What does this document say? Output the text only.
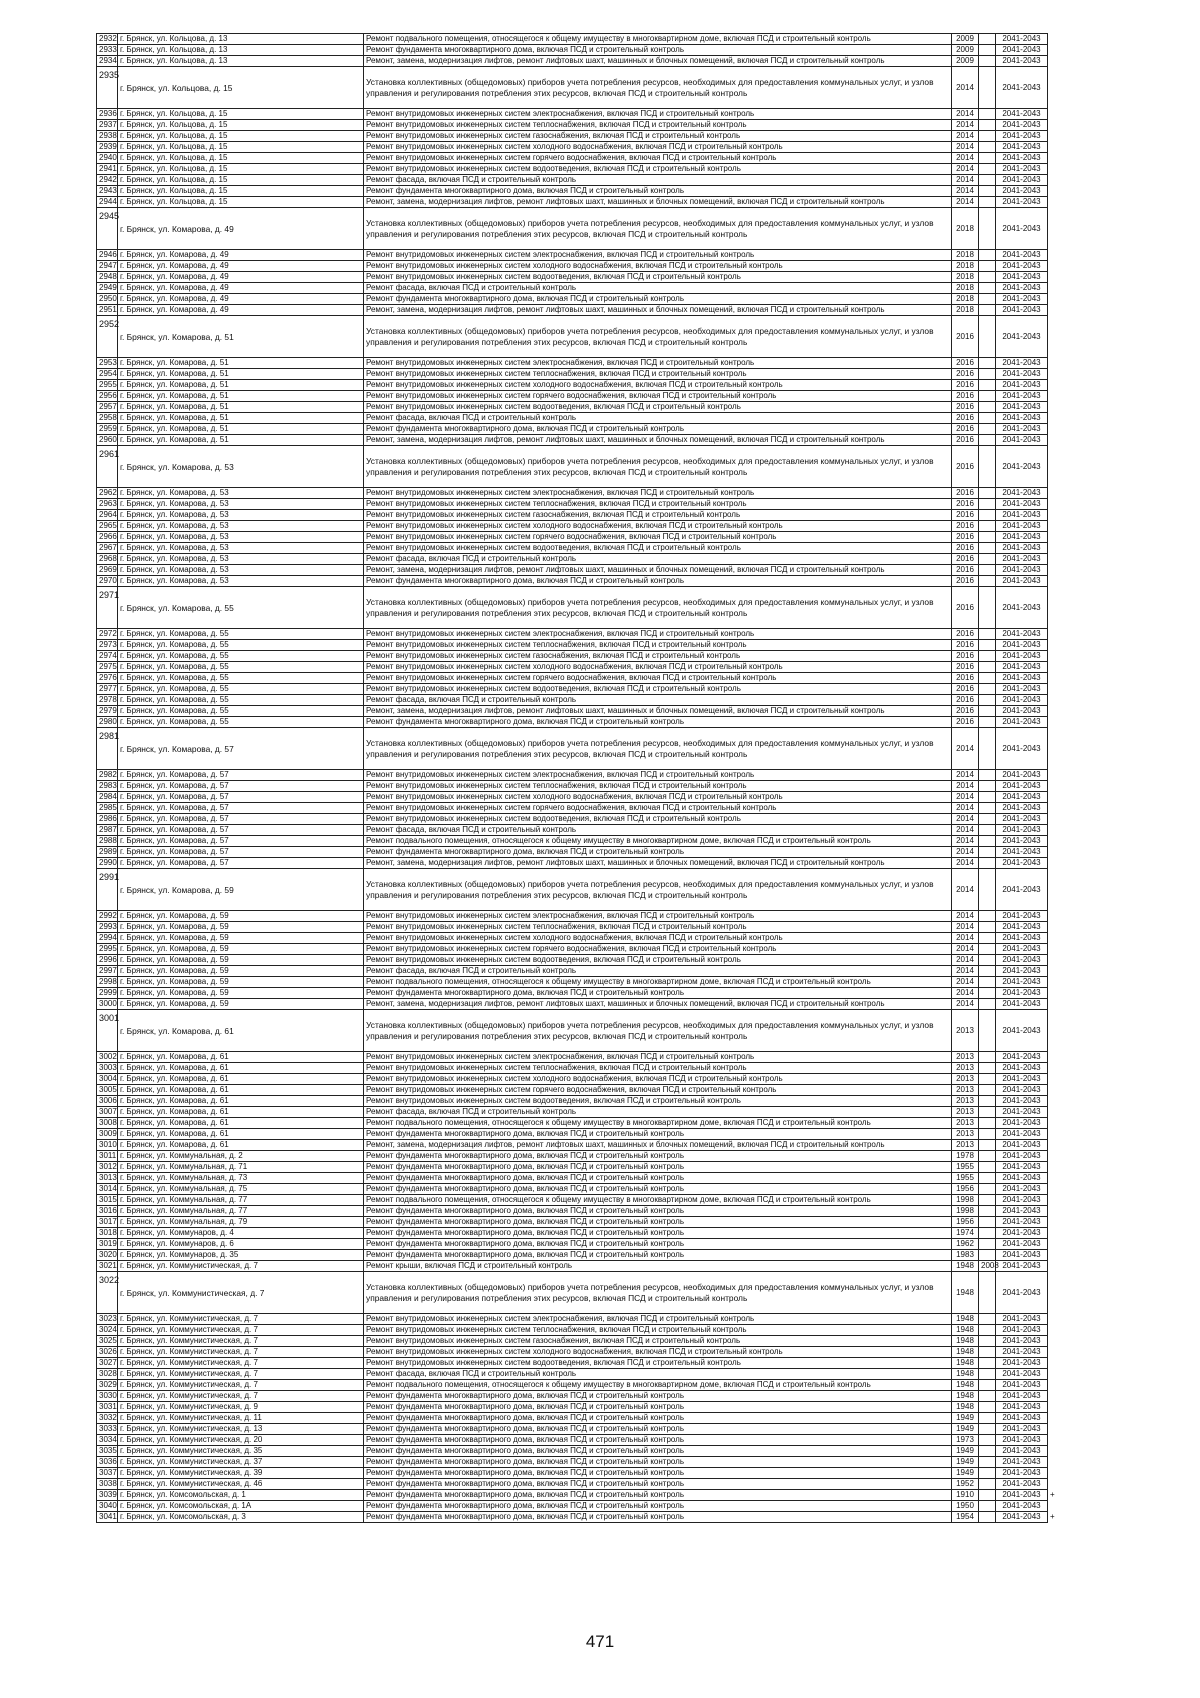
2932	г. Брянск, ул. Кольцова, д. 13	Ремонт подвального помещения, относящегося к общему имуществу в многоквартирном доме, включая ПСД и строительный контроль	2009		2041-2043	
2933	г. Брянск, ул. Кольцова, д. 13	Ремонт фундамента многоквартирного дома, включая ПСД и строительный контроль	2009		2041-2043	
2934	г. Брянск, ул. Кольцова, д. 13	Ремонт, замена, модернизация лифтов, ремонт лифтовых шахт, машинных и блочных помещений, включая ПСД и строительный контроль	2009		2041-2043	
2935	г. Брянск, ул. Кольцова, д. 15	Установка коллективных (общедомовых) приборов учета потребления ресурсов, необходимых для предоставления коммунальных услуг, и узлов управления и регулирования потребления этих ресурсов, включая ПСД и строительный контроль	2014		2041-2043	
2936	г. Брянск, ул. Кольцова, д. 15	Ремонт внутридомовых инженерных систем электроснабжения, включая ПСД и строительный контроль	2014		2041-2043	
2937	г. Брянск, ул. Кольцова, д. 15	Ремонт внутридомовых инженерных систем теплоснабжения, включая ПСД и строительный контроль	2014		2041-2043	
2938	г. Брянск, ул. Кольцова, д. 15	Ремонт внутридомовых инженерных систем газоснабжения, включая ПСД и строительный контроль	2014		2041-2043	
2939	г. Брянск, ул. Кольцова, д. 15	Ремонт внутридомовых инженерных систем холодного водоснабжения, включая ПСД и строительный контроль	2014		2041-2043	
2940	г. Брянск, ул. Кольцова, д. 15	Ремонт внутридомовых инженерных систем горячего водоснабжения, включая ПСД и строительный контроль	2014		2041-2043	
2941	г. Брянск, ул. Кольцова, д. 15	Ремонт внутридомовых инженерных систем водоотведения, включая ПСД и строительный контроль	2014		2041-2043	
2942	г. Брянск, ул. Кольцова, д. 15	Ремонт фасада, включая ПСД и строительный контроль	2014		2041-2043	
2943	г. Брянск, ул. Кольцова, д. 15	Ремонт фундамента многоквартирного дома, включая ПСД и строительный контроль	2014		2041-2043	
2944	г. Брянск, ул. Кольцова, д. 15	Ремонт, замена, модернизация лифтов, ремонт лифтовых шахт, машинных и блочных помещений, включая ПСД и строительный контроль	2014		2041-2043	
2945	г. Брянск, ул. Комарова, д. 49	Установка коллективных (общедомовых) приборов учета потребления ресурсов, необходимых для предоставления коммунальных услуг, и узлов управления и регулирования потребления этих ресурсов, включая ПСД и строительный контроль	2018		2041-2043	
2946	г. Брянск, ул. Комарова, д. 49	Ремонт внутридомовых инженерных систем электроснабжения, включая ПСД и строительный контроль	2018		2041-2043	
2947	г. Брянск, ул. Комарова, д. 49	Ремонт внутридомовых инженерных систем холодного водоснабжения, включая ПСД и строительный контроль	2018		2041-2043	
2948	г. Брянск, ул. Комарова, д. 49	Ремонт внутридомовых инженерных систем водоотведения, включая ПСД и строительный контроль	2018		2041-2043	
2949	г. Брянск, ул. Комарова, д. 49	Ремонт фасада, включая ПСД и строительный контроль	2018		2041-2043	
2950	г. Брянск, ул. Комарова, д. 49	Ремонт фундамента многоквартирного дома, включая ПСД и строительный контроль	2018		2041-2043	
2951	г. Брянск, ул. Комарова, д. 49	Ремонт, замена, модернизация лифтов, ремонт лифтовых шахт, машинных и блочных помещений, включая ПСД и строительный контроль	2018		2041-2043	
2952	г. Брянск, ул. Комарова, д. 51	Установка коллективных (общедомовых) приборов учета потребления ресурсов, необходимых для предоставления коммунальных услуг, и узлов управления и регулирования потребления этих ресурсов, включая ПСД и строительный контроль	2016		2041-2043	
2953	г. Брянск, ул. Комарова, д. 51	Ремонт внутридомовых инженерных систем электроснабжения, включая ПСД и строительный контроль	2016		2041-2043	
2954	г. Брянск, ул. Комарова, д. 51	Ремонт внутридомовых инженерных систем теплоснабжения, включая ПСД и строительный контроль	2016		2041-2043	
2955	г. Брянск, ул. Комарова, д. 51	Ремонт внутридомовых инженерных систем холодного водоснабжения, включая ПСД и строительный контроль	2016		2041-2043	
2956	г. Брянск, ул. Комарова, д. 51	Ремонт внутридомовых инженерных систем горячего водоснабжения, включая ПСД и строительный контроль	2016		2041-2043	
2957	г. Брянск, ул. Комарова, д. 51	Ремонт внутридомовых инженерных систем водоотведения, включая ПСД и строительный контроль	2016		2041-2043	
2958	г. Брянск, ул. Комарова, д. 51	Ремонт фасада, включая ПСД и строительный контроль	2016		2041-2043	
2959	г. Брянск, ул. Комарова, д. 51	Ремонт фундамента многоквартирного дома, включая ПСД и строительный контроль	2016		2041-2043	
2960	г. Брянск, ул. Комарова, д. 51	Ремонт, замена, модернизация лифтов, ремонт лифтовых шахт, машинных и блочных помещений, включая ПСД и строительный контроль	2016		2041-2043	
2961	г. Брянск, ул. Комарова, д. 53	Установка коллективных (общедомовых) приборов учета потребления ресурсов, необходимых для предоставления коммунальных услуг, и узлов управления и регулирования потребления этих ресурсов, включая ПСД и строительный контроль	2016		2041-2043	
2962	г. Брянск, ул. Комарова, д. 53	Ремонт внутридомовых инженерных систем электроснабжения, включая ПСД и строительный контроль	2016		2041-2043	
2963	г. Брянск, ул. Комарова, д. 53	Ремонт внутридомовых инженерных систем теплоснабжения, включая ПСД и строительный контроль	2016		2041-2043	
2964	г. Брянск, ул. Комарова, д. 53	Ремонт внутридомовых инженерных систем газоснабжения, включая ПСД и строительный контроль	2016		2041-2043	
2965	г. Брянск, ул. Комарова, д. 53	Ремонт внутридомовых инженерных систем холодного водоснабжения, включая ПСД и строительный контроль	2016		2041-2043	
2966	г. Брянск, ул. Комарова, д. 53	Ремонт внутридомовых инженерных систем горячего водоснабжения, включая ПСД и строительный контроль	2016		2041-2043	
2967	г. Брянск, ул. Комарова, д. 53	Ремонт внутридомовых инженерных систем водоотведения, включая ПСД и строительный контроль	2016		2041-2043	
2968	г. Брянск, ул. Комарова, д. 53	Ремонт фасада, включая ПСД и строительный контроль	2016		2041-2043	
2969	г. Брянск, ул. Комарова, д. 53	Ремонт, замена, модернизация лифтов, ремонт лифтовых шахт, машинных и блочных помещений, включая ПСД и строительный контроль	2016		2041-2043	
2970	г. Брянск, ул. Комарова, д. 53	Ремонт фундамента многоквартирного дома, включая ПСД и строительный контроль	2016		2041-2043	
2971	г. Брянск, ул. Комарова, д. 55	Установка коллективных (общедомовых) приборов учета потребления ресурсов, необходимых для предоставления коммунальных услуг, и узлов управления и регулирования потребления этих ресурсов, включая ПСД и строительный контроль	2016		2041-2043	
2972	г. Брянск, ул. Комарова, д. 55	Ремонт внутридомовых инженерных систем электроснабжения, включая ПСД и строительный контроль	2016		2041-2043	
2973	г. Брянск, ул. Комарова, д. 55	Ремонт внутридомовых инженерных систем теплоснабжения, включая ПСД и строительный контроль	2016		2041-2043	
2974	г. Брянск, ул. Комарова, д. 55	Ремонт внутридомовых инженерных систем газоснабжения, включая ПСД и строительный контроль	2016		2041-2043	
2975	г. Брянск, ул. Комарова, д. 55	Ремонт внутридомовых инженерных систем холодного водоснабжения, включая ПСД и строительный контроль	2016		2041-2043	
2976	г. Брянск, ул. Комарова, д. 55	Ремонт внутридомовых инженерных систем горячего водоснабжения, включая ПСД и строительный контроль	2016		2041-2043	
2977	г. Брянск, ул. Комарова, д. 55	Ремонт внутридомовых инженерных систем водоотведения, включая ПСД и строительный контроль	2016		2041-2043	
2978	г. Брянск, ул. Комарова, д. 55	Ремонт фасада, включая ПСД и строительный контроль	2016		2041-2043	
2979	г. Брянск, ул. Комарова, д. 55	Ремонт, замена, модернизация лифтов, ремонт лифтовых шахт, машинных и блочных помещений, включая ПСД и строительный контроль	2016		2041-2043	
2980	г. Брянск, ул. Комарова, д. 55	Ремонт фундамента многоквартирного дома, включая ПСД и строительный контроль	2016		2041-2043	
2981	г. Брянск, ул. Комарова, д. 57	Установка коллективных (общедомовых) приборов учета потребления ресурсов, необходимых для предоставления коммунальных услуг, и узлов управления и регулирования потребления этих ресурсов, включая ПСД и строительный контроль	2014		2041-2043	
2982	г. Брянск, ул. Комарова, д. 57	Ремонт внутридомовых инженерных систем электроснабжения, включая ПСД и строительный контроль	2014		2041-2043	
2983	г. Брянск, ул. Комарова, д. 57	Ремонт внутридомовых инженерных систем теплоснабжения, включая ПСД и строительный контроль	2014		2041-2043	
2984	г. Брянск, ул. Комарова, д. 57	Ремонт внутридомовых инженерных систем холодного водоснабжения, включая ПСД и строительный контроль	2014		2041-2043	
2985	г. Брянск, ул. Комарова, д. 57	Ремонт внутридомовых инженерных систем горячего водоснабжения, включая ПСД и строительный контроль	2014		2041-2043	
2986	г. Брянск, ул. Комарова, д. 57	Ремонт внутридомовых инженерных систем водоотведения, включая ПСД и строительный контроль	2014		2041-2043	
2987	г. Брянск, ул. Комарова, д. 57	Ремонт фасада, включая ПСД и строительный контроль	2014		2041-2043	
2988	г. Брянск, ул. Комарова, д. 57	Ремонт подвального помещения, относящегося к общему имуществу в многоквартирном доме, включая ПСД и строительный контроль	2014		2041-2043	
2989	г. Брянск, ул. Комарова, д. 57	Ремонт фундамента многоквартирного дома, включая ПСД и строительный контроль	2014		2041-2043	
2990	г. Брянск, ул. Комарова, д. 57	Ремонт, замена, модернизация лифтов, ремонт лифтовых шахт, машинных и блочных помещений, включая ПСД и строительный контроль	2014		2041-2043	
2991	г. Брянск, ул. Комарова, д. 59	Установка коллективных (общедомовых) приборов учета потребления ресурсов, необходимых для предоставления коммунальных услуг, и узлов управления и регулирования потребления этих ресурсов, включая ПСД и строительный контроль	2014		2041-2043	
2992	г. Брянск, ул. Комарова, д. 59	Ремонт внутридомовых инженерных систем электроснабжения, включая ПСД и строительный контроль	2014		2041-2043	
2993	г. Брянск, ул. Комарова, д. 59	Ремонт внутридомовых инженерных систем теплоснабжения, включая ПСД и строительный контроль	2014		2041-2043	
2994	г. Брянск, ул. Комарова, д. 59	Ремонт внутридомовых инженерных систем холодного водоснабжения, включая ПСД и строительный контроль	2014		2041-2043	
2995	г. Брянск, ул. Комарова, д. 59	Ремонт внутридомовых инженерных систем горячего водоснабжения, включая ПСД и строительный контроль	2014		2041-2043	
2996	г. Брянск, ул. Комарова, д. 59	Ремонт внутридомовых инженерных систем водоотведения, включая ПСД и строительный контроль	2014		2041-2043	
2997	г. Брянск, ул. Комарова, д. 59	Ремонт фасада, включая ПСД и строительный контроль	2014		2041-2043	
2998	г. Брянск, ул. Комарова, д. 59	Ремонт подвального помещения, относящегося к общему имуществу в многоквартирном доме, включая ПСД и строительный контроль	2014		2041-2043	
2999	г. Брянск, ул. Комарова, д. 59	Ремонт фундамента многоквартирного дома, включая ПСД и строительный контроль	2014		2041-2043	
3000	г. Брянск, ул. Комарова, д. 59	Ремонт, замена, модернизация лифтов, ремонт лифтовых шахт, машинных и блочных помещений, включая ПСД и строительный контроль	2014		2041-2043	
3001	г. Брянск, ул. Комарова, д. 61	Установка коллективных (общедомовых) приборов учета потребления ресурсов, необходимых для предоставления коммунальных услуг, и узлов управления и регулирования потребления этих ресурсов, включая ПСД и строительный контроль	2013		2041-2043	
3002	г. Брянск, ул. Комарова, д. 61	Ремонт внутридомовых инженерных систем электроснабжения, включая ПСД и строительный контроль	2013		2041-2043	
3003	г. Брянск, ул. Комарова, д. 61	Ремонт внутридомовых инженерных систем теплоснабжения, включая ПСД и строительный контроль	2013		2041-2043	
3004	г. Брянск, ул. Комарова, д. 61	Ремонт внутридомовых инженерных систем холодного водоснабжения, включая ПСД и строительный контроль	2013		2041-2043	
3005	г. Брянск, ул. Комарова, д. 61	Ремонт внутридомовых инженерных систем горячего водоснабжения, включая ПСД и строительный контроль	2013		2041-2043	
3006	г. Брянск, ул. Комарова, д. 61	Ремонт внутридомовых инженерных систем водоотведения, включая ПСД и строительный контроль	2013		2041-2043	
3007	г. Брянск, ул. Комарова, д. 61	Ремонт фасада, включая ПСД и строительный контроль	2013		2041-2043	
3008	г. Брянск, ул. Комарова, д. 61	Ремонт подвального помещения, относящегося к общему имуществу в многоквартирном доме, включая ПСД и строительный контроль	2013		2041-2043	
3009	г. Брянск, ул. Комарова, д. 61	Ремонт фундамента многоквартирного дома, включая ПСД и строительный контроль	2013		2041-2043	
3010	г. Брянск, ул. Комарова, д. 61	Ремонт, замена, модернизация лифтов, ремонт лифтовых шахт, машинных и блочных помещений, включая ПСД и строительный контроль	2013		2041-2043	
3011	г. Брянск, ул. Коммунальная, д. 2	Ремонт фундамента многоквартирного дома, включая ПСД и строительный контроль	1978		2041-2043	
3012	г. Брянск, ул. Коммунальная, д. 71	Ремонт фундамента многоквартирного дома, включая ПСД и строительный контроль	1955		2041-2043	
3013	г. Брянск, ул. Коммунальная, д. 73	Ремонт фундамента многоквартирного дома, включая ПСД и строительный контроль	1955		2041-2043	
3014	г. Брянск, ул. Коммунальная, д. 75	Ремонт фундамента многоквартирного дома, включая ПСД и строительный контроль	1956		2041-2043	
3015	г. Брянск, ул. Коммунальная, д. 77	Ремонт подвального помещения, относящегося к общему имуществу в многоквартирном доме, включая ПСД и строительный контроль	1998		2041-2043	
3016	г. Брянск, ул. Коммунальная, д. 77	Ремонт фундамента многоквартирного дома, включая ПСД и строительный контроль	1998		2041-2043	
3017	г. Брянск, ул. Коммунальная, д. 79	Ремонт фундамента многоквартирного дома, включая ПСД и строительный контроль	1956		2041-2043	
3018	г. Брянск, ул. Коммунаров, д. 4	Ремонт фундамента многоквартирного дома, включая ПСД и строительный контроль	1974		2041-2043	
3019	г. Брянск, ул. Коммунаров, д. 6	Ремонт фундамента многоквартирного дома, включая ПСД и строительный контроль	1962		2041-2043	
3020	г. Брянск, ул. Коммунаров, д. 35	Ремонт фундамента многоквартирного дома, включая ПСД и строительный контроль	1983		2041-2043	
3021	г. Брянск, ул. Коммунистическая, д. 7	Ремонт крыши, включая ПСД и строительный контроль	1948	2008	2041-2043	
3022	г. Брянск, ул. Коммунистическая, д. 7	Установка коллективных (общедомовых) приборов учета потребления ресурсов, необходимых для предоставления коммунальных услуг, и узлов управления и регулирования потребления этих ресурсов, включая ПСД и строительный контроль	1948		2041-2043	
3023	г. Брянск, ул. Коммунистическая, д. 7	Ремонт внутридомовых инженерных систем электроснабжения, включая ПСД и строительный контроль	1948		2041-2043	
3024	г. Брянск, ул. Коммунистическая, д. 7	Ремонт внутридомовых инженерных систем теплоснабжения, включая ПСД и строительный контроль	1948		2041-2043	
3025	г. Брянск, ул. Коммунистическая, д. 7	Ремонт внутридомовых инженерных систем газоснабжения, включая ПСД и строительный контроль	1948		2041-2043	
3026	г. Брянск, ул. Коммунистическая, д. 7	Ремонт внутридомовых инженерных систем холодного водоснабжения, включая ПСД и строительный контроль	1948		2041-2043	
3027	г. Брянск, ул. Коммунистическая, д. 7	Ремонт внутридомовых инженерных систем водоотведения, включая ПСД и строительный контроль	1948		2041-2043	
3028	г. Брянск, ул. Коммунистическая, д. 7	Ремонт фасада, включая ПСД и строительный контроль	1948		2041-2043	
3029	г. Брянск, ул. Коммунистическая, д. 7	Ремонт подвального помещения, относящегося к общему имуществу в многоквартирном доме, включая ПСД и строительный контроль	1948		2041-2043	
3030	г. Брянск, ул. Коммунистическая, д. 7	Ремонт фундамента многоквартирного дома, включая ПСД и строительный контроль	1948		2041-2043	
3031	г. Брянск, ул. Коммунистическая, д. 9	Ремонт фундамента многоквартирного дома, включая ПСД и строительный контроль	1948		2041-2043	
3032	г. Брянск, ул. Коммунистическая, д. 11	Ремонт фундамента многоквартирного дома, включая ПСД и строительный контроль	1949		2041-2043	
3033	г. Брянск, ул. Коммунистическая, д. 13	Ремонт фундамента многоквартирного дома, включая ПСД и строительный контроль	1949		2041-2043	
3034	г. Брянск, ул. Коммунистическая, д. 20	Ремонт фундамента многоквартирного дома, включая ПСД и строительный контроль	1973		2041-2043	
3035	г. Брянск, ул. Коммунистическая, д. 35	Ремонт фундамента многоквартирного дома, включая ПСД и строительный контроль	1949		2041-2043	
3036	г. Брянск, ул. Коммунистическая, д. 37	Ремонт фундамента многоквартирного дома, включая ПСД и строительный контроль	1949		2041-2043	
3037	г. Брянск, ул. Коммунистическая, д. 39	Ремонт фундамента многоквартирного дома, включая ПСД и строительный контроль	1949		2041-2043	
3038	г. Брянск, ул. Коммунистическая, д. 46	Ремонт фундамента многоквартирного дома, включая ПСД и строительный контроль	1952		2041-2043	
3039	г. Брянск, ул. Комсомольская, д. 1	Ремонт фундамента многоквартирного дома, включая ПСД и строительный контроль	1910		2041-2043	+
3040	г. Брянск, ул. Комсомольская, д. 1А	Ремонт фундамента многоквартирного дома, включая ПСД и строительный контроль	1950		2041-2043	
3041	г. Брянск, ул. Комсомольская, д. 3	Ремонт фундамента многоквартирного дома, включая ПСД и строительный контроль	1954		2041-2043	+
471
